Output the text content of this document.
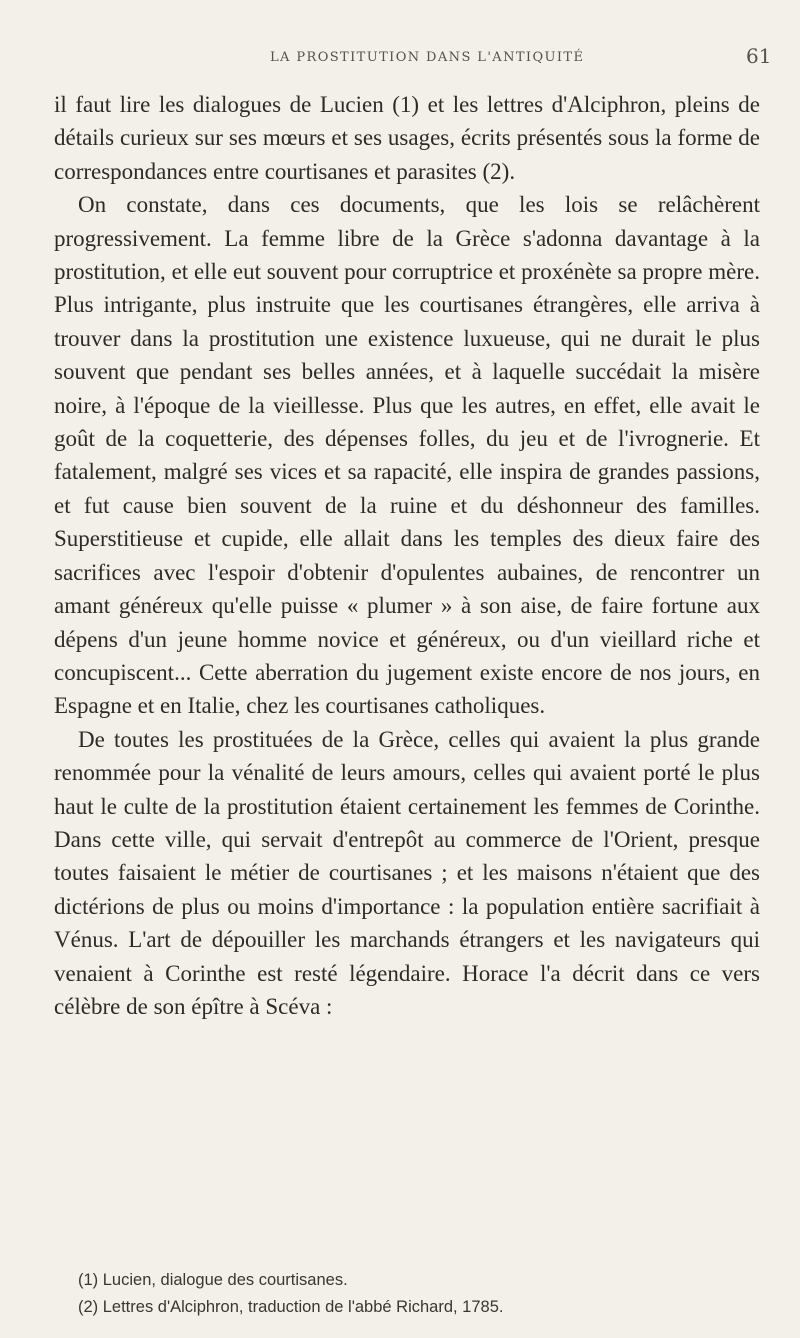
LA PROSTITUTION DANS L'ANTIQUITÉ	61

il faut lire les dialogues de Lucien (1) et les lettres d'Alciphron, pleins de détails curieux sur ses mœurs et ses usages, écrits présentés sous la forme de correspondances entre courtisanes et parasites (2).

On constate, dans ces documents, que les lois se relâchèrent progressivement. La femme libre de la Grèce s'adonna davantage à la prostitution, et elle eut souvent pour corruptrice et proxénète sa propre mère. Plus intrigante, plus instruite que les courtisanes étrangères, elle arriva à trouver dans la prostitution une existence luxueuse, qui ne durait le plus souvent que pendant ses belles années, et à laquelle succédait la misère noire, à l'époque de la vieillesse. Plus que les autres, en effet, elle avait le goût de la coquetterie, des dépenses folles, du jeu et de l'ivrognerie. Et fatalement, malgré ses vices et sa rapacité, elle inspira de grandes passions, et fut cause bien souvent de la ruine et du déshonneur des familles. Superstitieuse et cupide, elle allait dans les temples des dieux faire des sacrifices avec l'espoir d'obtenir d'opulentes aubaines, de rencontrer un amant généreux qu'elle puisse « plumer » à son aise, de faire fortune aux dépens d'un jeune homme novice et généreux, ou d'un vieillard riche et concupiscent... Cette aberration du jugement existe encore de nos jours, en Espagne et en Italie, chez les courtisanes catholiques.

De toutes les prostituées de la Grèce, celles qui avaient la plus grande renommée pour la vénalité de leurs amours, celles qui avaient porté le plus haut le culte de la prostitution étaient certainement les femmes de Corinthe. Dans cette ville, qui servait d'entrepôt au commerce de l'Orient, presque toutes faisaient le métier de courtisanes ; et les maisons n'étaient que des dictérions de plus ou moins d'importance : la population entière sacrifiait à Vénus. L'art de dépouiller les marchands étrangers et les navigateurs qui venaient à Corinthe est resté légendaire. Horace l'a décrit dans ce vers célèbre de son épître à Scéva :

(1) Lucien, dialogue des courtisanes.
(2) Lettres d'Alciphron, traduction de l'abbé Richard, 1785.
